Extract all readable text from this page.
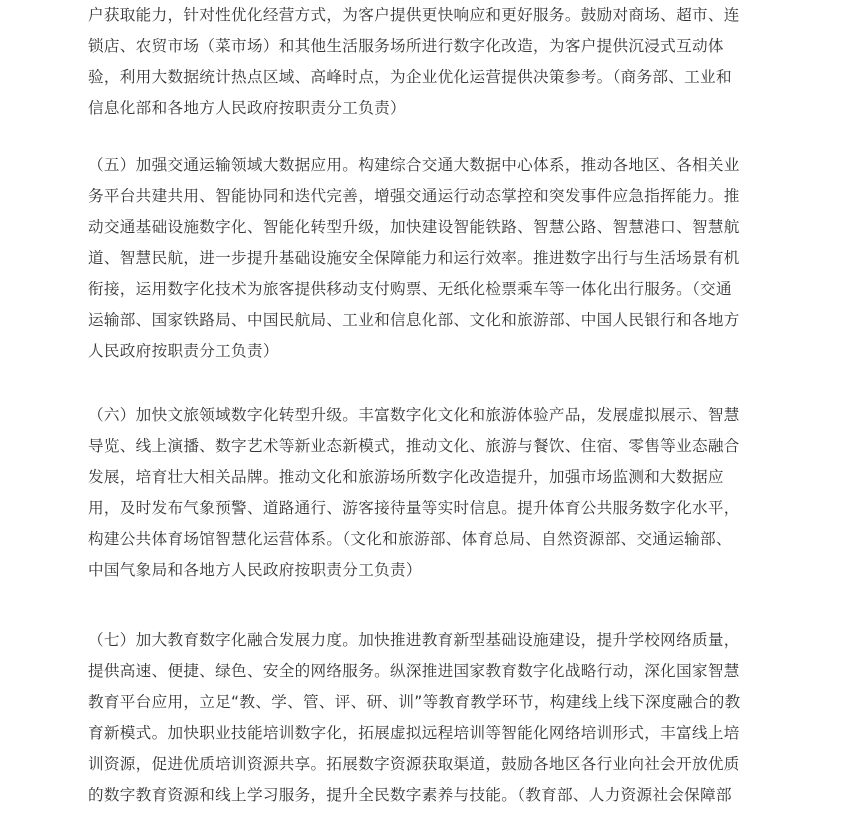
户获取能力，针对性优化经营方式，为客户提供更快响应和更好服务。鼓励对商场、超市、连
锁店、农贸市场（菜市场）和其他生活服务场所进行数字化改造，为客户提供沉浸式互动体
验，利用大数据统计热点区域、高峰时点，为企业优化运营提供决策参考。（商务部、工业和
信息化部和各地方人民政府按职责分工负责）
（五）加强交通运输领域大数据应用。构建综合交通大数据中心体系，推动各地区、各相关业
务平台共建共用、智能协同和迭代完善，增强交通运行动态掌控和突发事件应急指挥能力。推
动交通基础设施数字化、智能化转型升级，加快建设智能铁路、智慧公路、智慧港口、智慧航
道、智慧民航，进一步提升基础设施安全保障能力和运行效率。推进数字出行与生活场景有机
衔接，运用数字化技术为旅客提供移动支付购票、无纸化检票乘车等一体化出行服务。（交通
运输部、国家铁路局、中国民航局、工业和信息化部、文化和旅游部、中国人民银行和各地方
人民政府按职责分工负责）
（六）加快文旅领域数字化转型升级。丰富数字化文化和旅游体验产品，发展虚拟展示、智慧
导览、线上演播、数字艺术等新业态新模式，推动文化、旅游与餐饮、住宿、零售等业态融合
发展，培育壮大相关品牌。推动文化和旅游场所数字化改造提升，加强市场监测和大数据应
用，及时发布气象预警、道路通行、游客接待量等实时信息。提升体育公共服务数字化水平，
构建公共体育场馆智慧化运营体系。（文化和旅游部、体育总局、自然资源部、交通运输部、
中国气象局和各地方人民政府按职责分工负责）
（七）加大教育数字化融合发展力度。加快推进教育新型基础设施建设，提升学校网络质量，
提供高速、便捷、绿色、安全的网络服务。纵深推进国家教育数字化战略行动，深化国家智慧
教育平台应用，立足“教、学、管、评、研、训”等教育教学环节，构建线上线下深度融合的教
育新模式。加快职业技能培训数字化，拓展虚拟远程培训等智能化网络培训形式，丰富线上培
训资源，促进优质培训资源共享。拓展数字资源获取渠道，鼓励各地区各行业向社会开放优质
的数字教育资源和线上学习服务，提升全民数字素养与技能。（教育部、人力资源社会保障部
